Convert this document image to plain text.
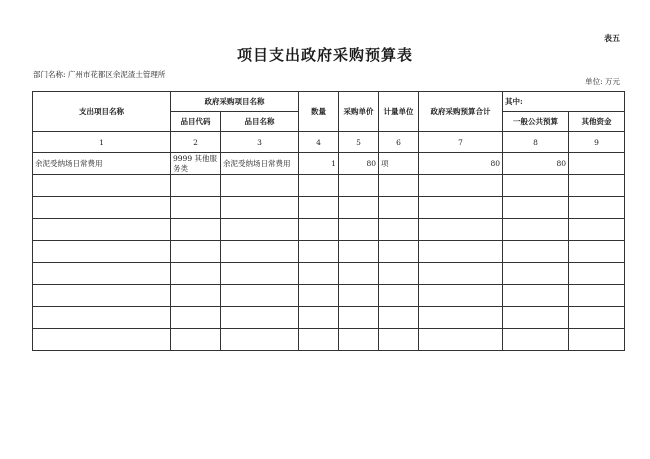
表五
项目支出政府采购预算表
部门名称: 广州市花都区余泥渣土管理所
单位: 万元
支出项目名称	政府采购项目名称		数量	采购单价	计量单位	政府采购预算合计	其中:	
	品目代码	品目名称					一般公共预算	其他资金
1	2	3	4	5	6	7	8	9
余泥受纳场日常费用	9999 其他服务类	余泥受纳场日常费用	1	80	项	80	80	
